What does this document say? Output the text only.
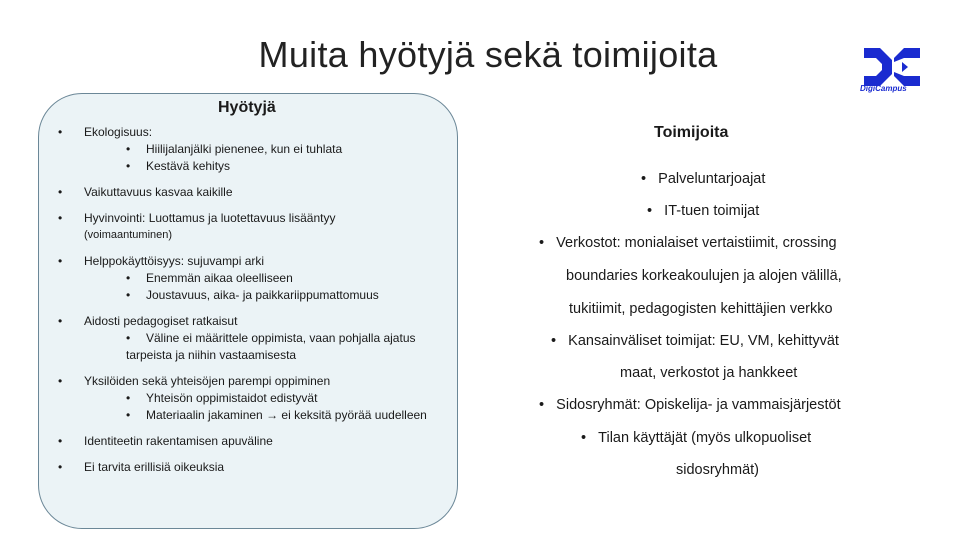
Muita hyötyjä sekä toimijoita
DigiCampus
Hyötyjä
• Ekologisuus:
• Hiilijalanjälki pienenee, kun ei tuhlata
• Kestävä kehitys
• Vaikuttavuus kasvaa kaikille
• Hyvinvointi: Luottamus ja luotettavuus lisääntyy
(voimaantuminen)
• Helppokäyttöisyys: sujuvampi arki
• Enemmän aikaa oleelliseen
• Joustavuus, aika- ja paikkariippumattomuus
• Aidosti pedagogiset ratkaisut
• Väline ei määrittele oppimista, vaan pohjalla ajatus
tarpeista ja niihin vastaamisesta
• Yksilöiden sekä yhteisöjen parempi oppiminen
• Yhteisön oppimistaidot edistyvät
• Materiaalin jakaminen → ei keksitä pyörää uudelleen
• Identiteetin rakentamisen apuväline
• Ei tarvita erillisiä oikeuksia
Toimijoita
•   Palveluntarjoajat
•   IT-tuen toimijat
•   Verkostot: monialaiset vertaistiimit, crossing
boundaries korkeakoulujen ja alojen välillä,
tukitiimit, pedagogisten kehittäjien verkko
•   Kansainväliset toimijat: EU, VM, kehittyvät
maat, verkostot ja hankkeet
•   Sidosryhmät: Opiskelija- ja vammaisjärjestöt
•   Tilan käyttäjät (myös ulkopuoliset
sidosryhmät)
